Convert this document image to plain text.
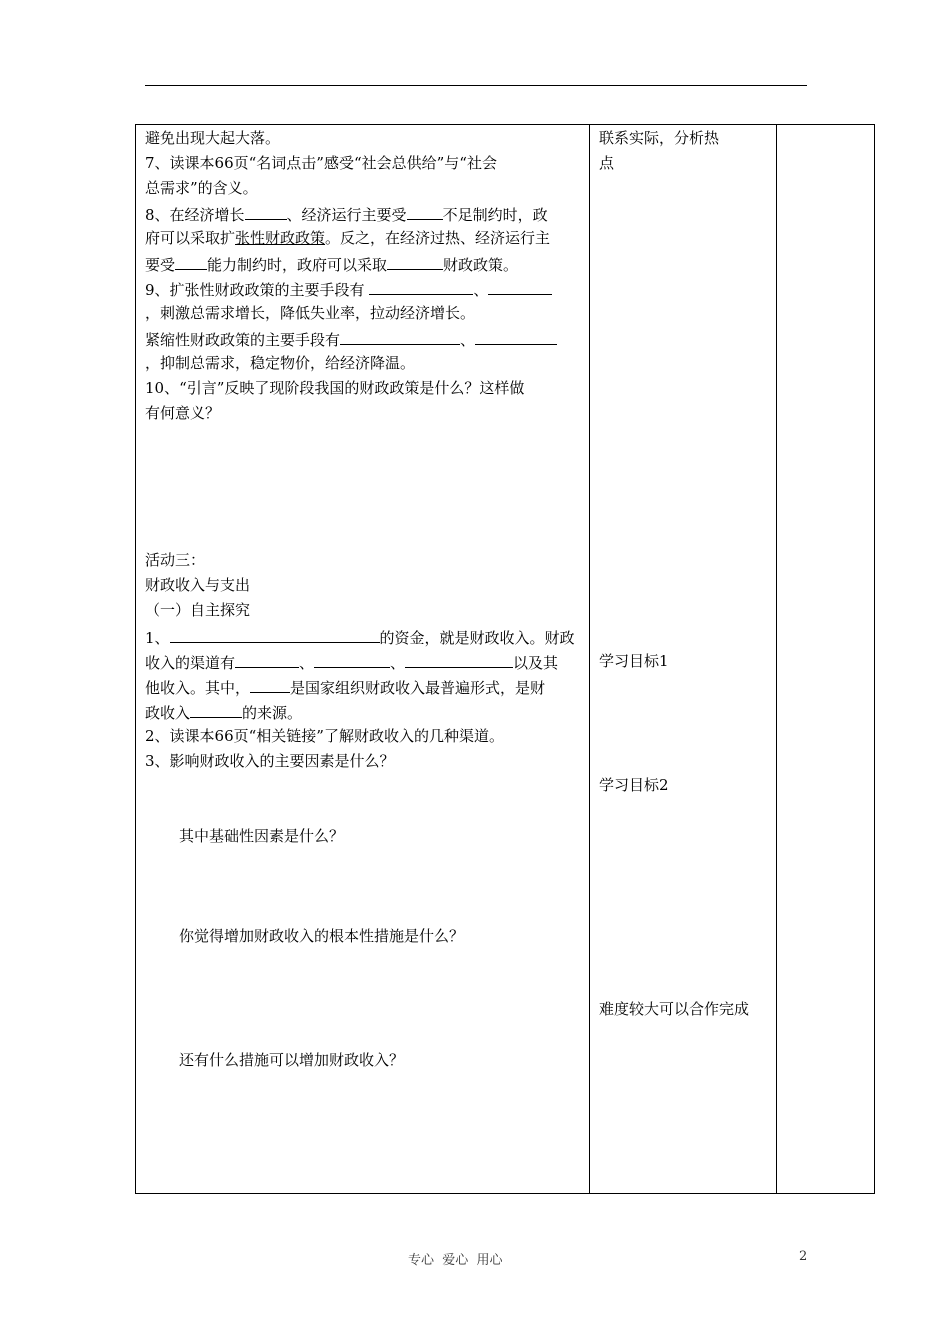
避免出现大起大落。
7、读课本66页“名词点击”感受“社会总供给”与“社会
总需求”的含义。
8、在经济增长	、经济运行主要受 不足制约时，政
府可以采取扩张性财政政策。反之，在经济过热、经济运行主
要受 能力制约时，政府可以采取	财政政策。
9、扩张性财政政策的主要手段有	、
，刺激总需求增长，降低失业率，拉动经济增长。
紧缩性财政政策的主要手段有	、
，抑制总需求，稳定物价，给经济降温。
10、“引言”反映了现阶段我国的财政政策是什么？这样做
有何意义？
活动三：
财政收入与支出
（一）自主探究
1、	的资金，就是财政收入。财政
收入的渠道有	、	、	以及其
他收入。其中，	是国家组织财政收入最普遍形式，是财
政收入	的来源。
2、读课本66页“相关链接”了解财政收入的几种渠道。
3、影响财政收入的主要因素是什么？
其中基础性因素是什么？
你觉得增加财政收入的根本性措施是什么？
还有什么措施可以增加财政收入？
联系实际，分析热
点
学习目标1
学习目标2
难度较大可以合作完成
专心  爱心  用心	2
